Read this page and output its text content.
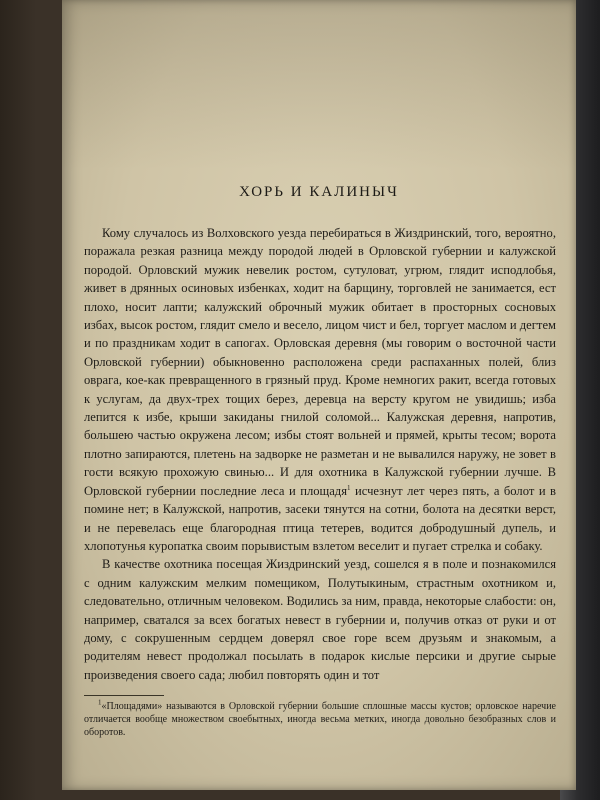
ХОРЬ И КАЛИНЫЧ

Кому случалось из Волховского уезда перебираться в Жиздринский, того, вероятно, поражала резкая разница между породой людей в Орловской губернии и калужской породой. Орловский мужик невелик ростом, сутуловат, угрюм, глядит исподлобья, живет в дрянных осиновых избенках, ходит на барщину, торговлей не занимается, ест плохо, носит лапти; калужский оброчный мужик обитает в просторных сосновых избах, высок ростом, глядит смело и весело, лицом чист и бел, торгует маслом и дегтем и по праздникам ходит в сапогах. Орловская деревня (мы говорим о восточной части Орловской губернии) обыкновенно расположена среди распаханных полей, близ оврага, кое-как превращенного в грязный пруд. Кроме немногих ракит, всегда готовых к услугам, да двух-трех тощих берез, деревца на версту кругом не увидишь; изба лепится к избе, крыши закиданы гнилой соломой... Калужская деревня, напротив, большею частью окружена лесом; избы стоят вольней и прямей, крыты тесом; ворота плотно запираются, плетень на задворке не разметан и не вывалился наружу, не зовет в гости всякую прохожую свинью... И для охотника в Калужской губернии лучше. В Орловской губернии последние леса и площадя$^1$ исчезнут лет через пять, а болот и в помине нет; в Калужской, напротив, засеки тянутся на сотни, болота на десятки верст, и не перевелась еще благородная птица тетерев, водится добродушный дупель, и хлопотунья куропатка своим порывистым взлетом веселит и пугает стрелка и собаку.

В качестве охотника посещая Жиздринский уезд, сошелся я в поле и познакомился с одним калужским мелким помещиком, Полутыкиным, страстным охотником и, следовательно, отличным человеком. Водились за ним, правда, некоторые слабости: он, например, сватался за всех богатых невест в губернии и, получив отказ от руки и от дому, с сокрушенным сердцем доверял свое горе всем друзьям и знакомым, а родителям невест продолжал посылать в подарок кислые персики и другие сырые произведения своего сада; любил повторять один и тот

$^1$«Площадями» называются в Орловской губернии большие сплошные массы кустов; орловское наречие отличается вообще множеством своебытных, иногда весьма метких, иногда довольно безобразных слов и оборотов.
